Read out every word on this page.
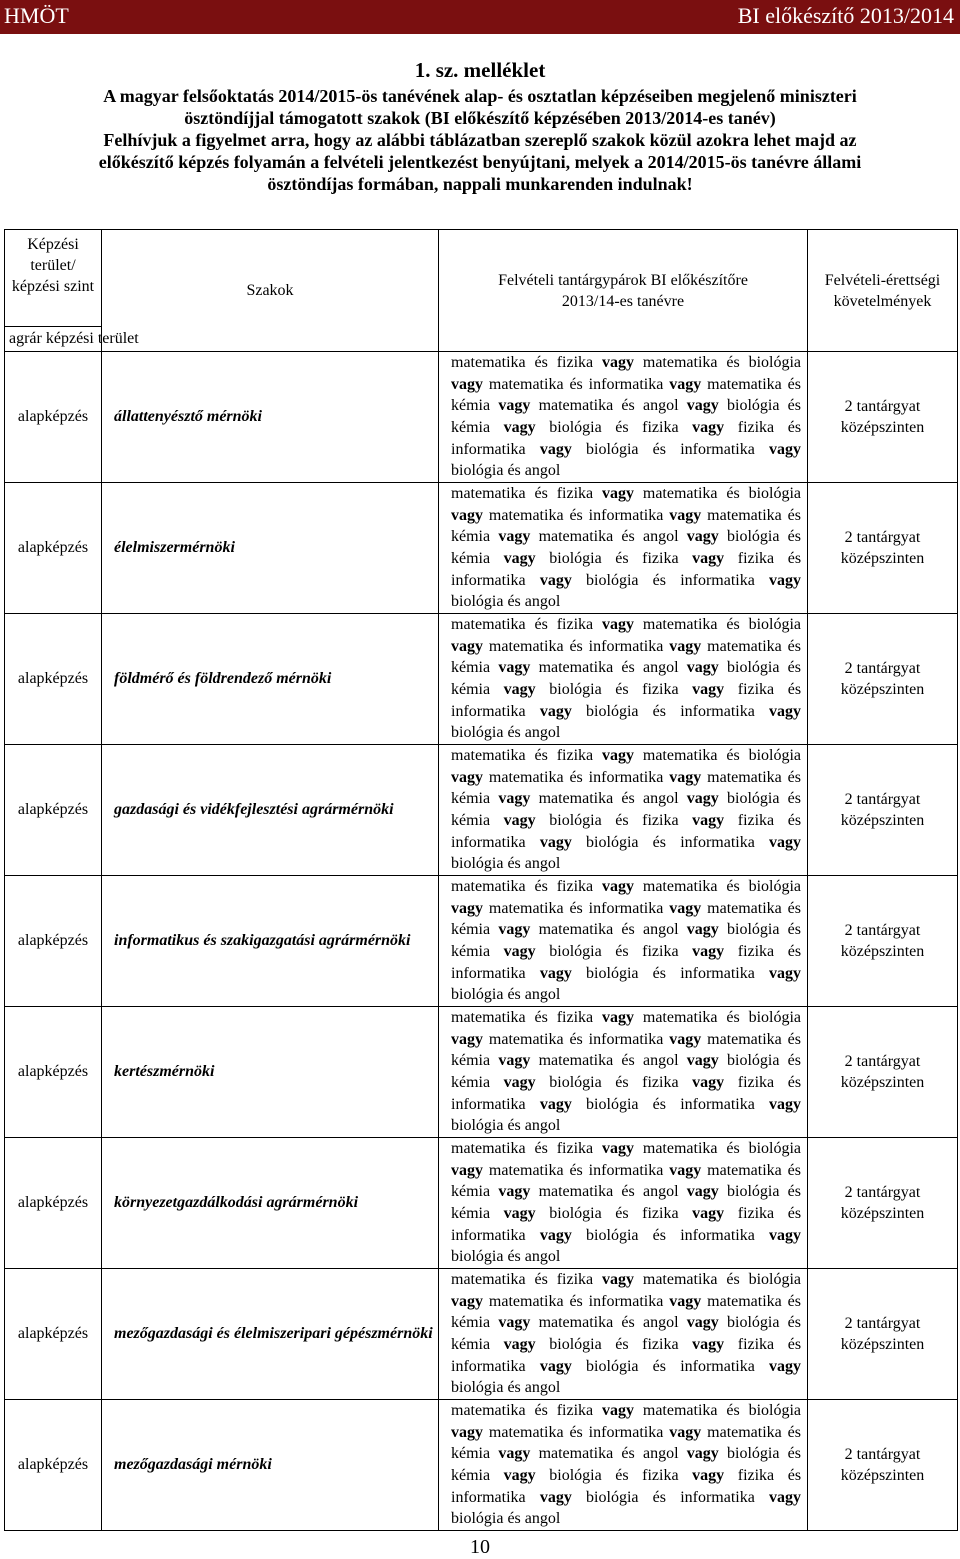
HMÖT	BI előkészítő 2013/2014
1. sz. melléklet
A magyar felsőoktatás 2014/2015-ös tanévének alap- és osztatlan képzéseiben megjelenő miniszteri
ösztöndíjjal támogatott szakok (BI előkészítő képzésében 2013/2014-es tanév)
Felhívjuk a figyelmet arra, hogy az alábbi táblázatban szereplő szakok közül azokra lehet majd az
előkészítő képzés folyamán a felvételi jelentkezést benyújtani, melyek a 2014/2015-ös tanévre állami
ösztöndíjas formában, nappali munkarenden indulnak!
Képzési terület/ képzési szint	Szakok	Felvételi tantárgypárok BI előkészítőre 2013/14-es tanévre	Felvételi-érettségi követelmények
agrár képzési terület			
alapképzés	állattenyésztő mérnöki	matematika és fizika vagy matematika és biológia vagy matematika és informatika vagy matematika és kémia vagy matematika és angol vagy biológia és kémia vagy biológia és fizika vagy fizika és informatika vagy biológia és informatika vagy biológia és angol	2 tantárgyat középszinten
alapképzés	élelmiszermérnöki	matematika és fizika vagy matematika és biológia vagy matematika és informatika vagy matematika és kémia vagy matematika és angol vagy biológia és kémia vagy biológia és fizika vagy fizika és informatika vagy biológia és informatika vagy biológia és angol	2 tantárgyat középszinten
alapképzés	földmérő és földrendező mérnöki	matematika és fizika vagy matematika és biológia vagy matematika és informatika vagy matematika és kémia vagy matematika és angol vagy biológia és kémia vagy biológia és fizika vagy fizika és informatika vagy biológia és informatika vagy biológia és angol	2 tantárgyat középszinten
alapképzés	gazdasági és vidékfejlesztési agrármérnöki	matematika és fizika vagy matematika és biológia vagy matematika és informatika vagy matematika és kémia vagy matematika és angol vagy biológia és kémia vagy biológia és fizika vagy fizika és informatika vagy biológia és informatika vagy biológia és angol	2 tantárgyat középszinten
alapképzés	informatikus és szakigazgatási agrármérnöki	matematika és fizika vagy matematika és biológia vagy matematika és informatika vagy matematika és kémia vagy matematika és angol vagy biológia és kémia vagy biológia és fizika vagy fizika és informatika vagy biológia és informatika vagy biológia és angol	2 tantárgyat középszinten
alapképzés	kertészmérnöki	matematika és fizika vagy matematika és biológia vagy matematika és informatika vagy matematika és kémia vagy matematika és angol vagy biológia és kémia vagy biológia és fizika vagy fizika és informatika vagy biológia és informatika vagy biológia és angol	2 tantárgyat középszinten
alapképzés	környezetgazdálkodási agrármérnöki	matematika és fizika vagy matematika és biológia vagy matematika és informatika vagy matematika és kémia vagy matematika és angol vagy biológia és kémia vagy biológia és fizika vagy fizika és informatika vagy biológia és informatika vagy biológia és angol	2 tantárgyat középszinten
alapképzés	mezőgazdasági és élelmiszeripari gépészmérnöki	matematika és fizika vagy matematika és biológia vagy matematika és informatika vagy matematika és kémia vagy matematika és angol vagy biológia és kémia vagy biológia és fizika vagy fizika és informatika vagy biológia és informatika vagy biológia és angol	2 tantárgyat középszinten
alapképzés	mezőgazdasági mérnöki	matematika és fizika vagy matematika és biológia vagy matematika és informatika vagy matematika és kémia vagy matematika és angol vagy biológia és kémia vagy biológia és fizika vagy fizika és informatika vagy biológia és informatika vagy biológia és angol	2 tantárgyat középszinten
10
